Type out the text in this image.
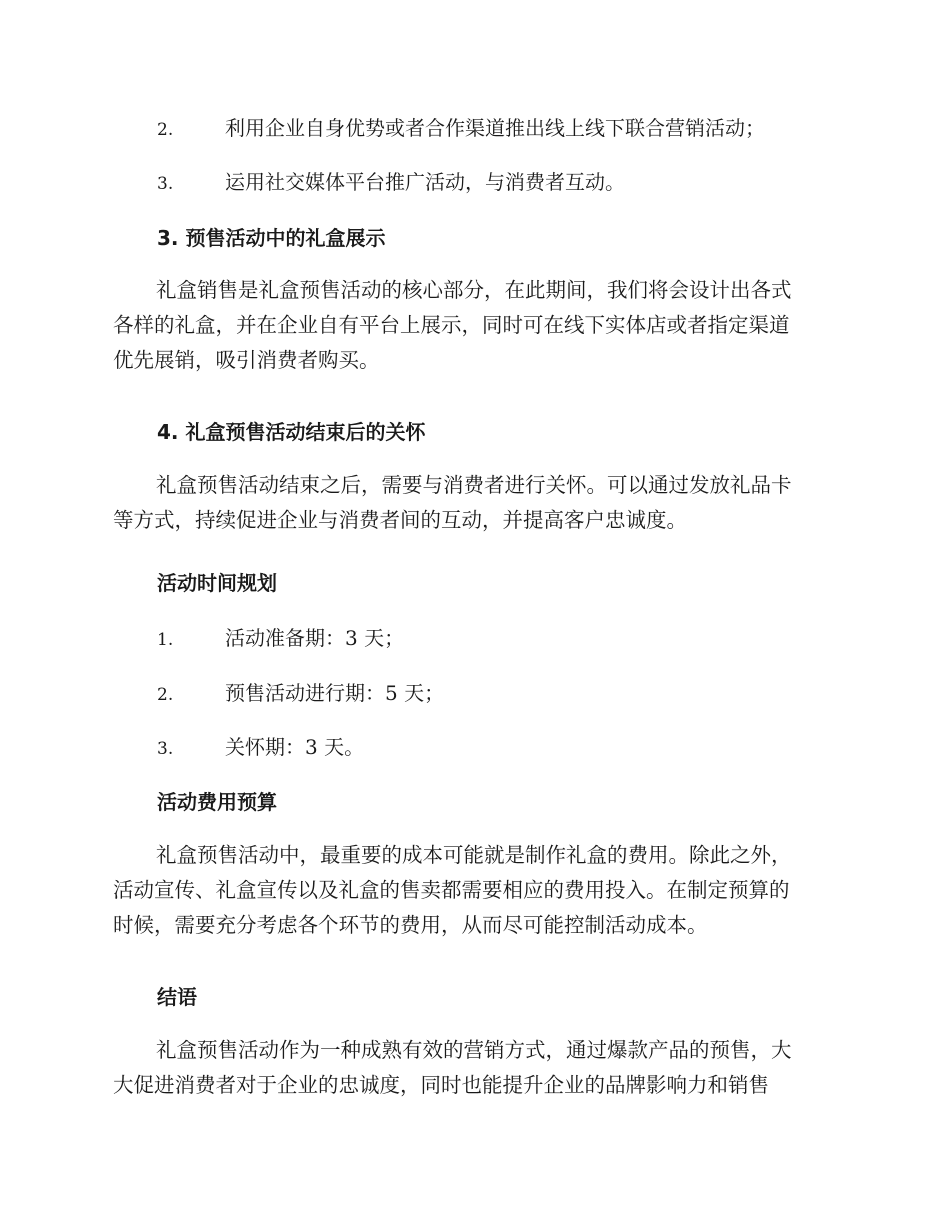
2.	利用企业自身优势或者合作渠道推出线上线下联合营销活动；
3.	运用社交媒体平台推广活动，与消费者互动。
3. 预售活动中的礼盒展示

礼盒销售是礼盒预售活动的核心部分，在此期间，我们将会设计出各式
各样的礼盒，并在企业自有平台上展示，同时可在线下实体店或者指定渠道
优先展销，吸引消费者购买。

4. 礼盒预售活动结束后的关怀

礼盒预售活动结束之后，需要与消费者进行关怀。可以通过发放礼品卡
等方式，持续促进企业与消费者间的互动，并提高客户忠诚度。

活动时间规划
1.	活动准备期：3 天；
2.	预售活动进行期：5 天；
3.	关怀期：3 天。
活动费用预算

礼盒预售活动中，最重要的成本可能就是制作礼盒的费用。除此之外，
活动宣传、礼盒宣传以及礼盒的售卖都需要相应的费用投入。在制定预算的
时候，需要充分考虑各个环节的费用，从而尽可能控制活动成本。

结语

礼盒预售活动作为一种成熟有效的营销方式，通过爆款产品的预售，大
大促进消费者对于企业的忠诚度，同时也能提升企业的品牌影响力和销售
